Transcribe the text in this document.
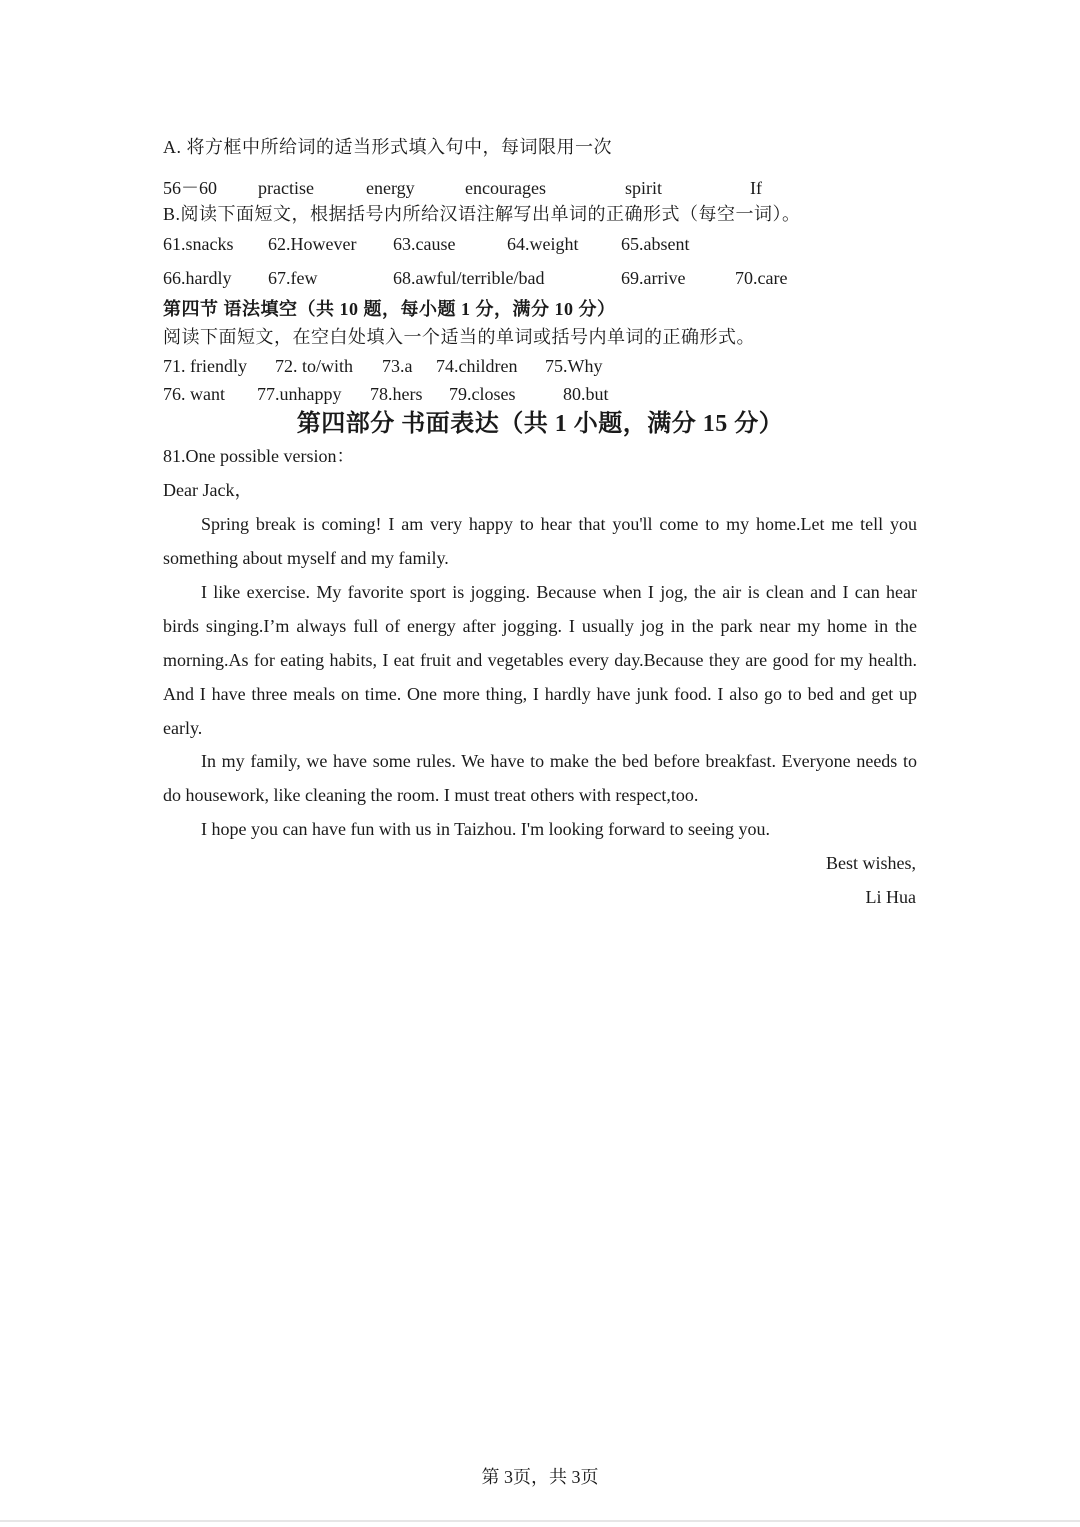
A. 将方框中所给词的适当形式填入句中，每词限用一次
56－60 practise	energy	encourages	spirit	If
B.阅读下面短文，根据括号内所给汉语注解写出单词的正确形式（每空一词）。
61.snacks 62.However 63.cause	64.weight 65.absent
66.hardly 67.few	68.awful/terrible/bad	69.arrive	70.care
第四节 语法填空（共 10 题，每小题 1 分，满分 10 分）
阅读下面短文，在空白处填入一个适当的单词或括号内单词的正确形式。
71. friendly 72. to/with 73.a 74.children 75.Why
76. want 77.unhappy 78.hers 79.closes	80.but
第四部分 书面表达（共 1 小题，满分 15 分）
81.One possible version：
Dear Jack，

Spring break is coming! I am very happy to hear that you'll come to my home.Let me tell you something about myself and my family.

I like exercise. My favorite sport is jogging. Because when I jog, the air is clean and I can hear birds singing.I’m always full of energy after jogging. I usually jog in the park near my home in the morning.As for eating habits, I eat fruit and vegetables every day.Because they are good for my health. And I have three meals on time. One more thing, I hardly have junk food. I also go to bed and get up early.

In my family, we have some rules. We have to make the bed before breakfast. Everyone needs to do housework, like cleaning the room. I must treat others with respect,too.

I hope you can have fun with us in Taizhou. I'm looking forward to seeing you.

Best wishes,
Li Hua
第 3页，共 3页
